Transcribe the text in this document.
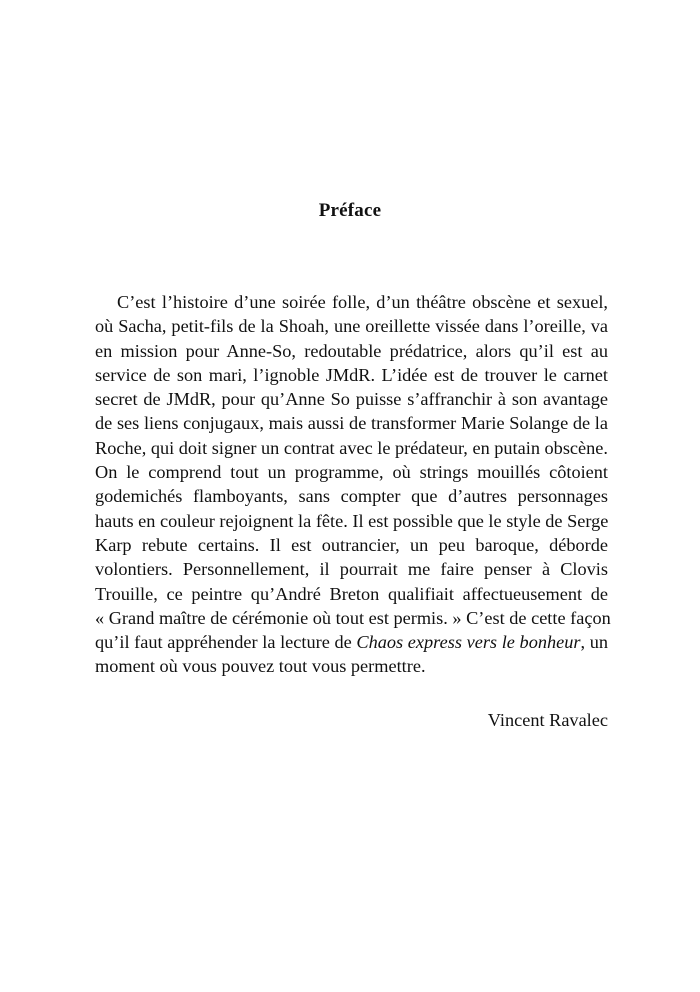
Préface
C’est l’histoire d’une soirée folle, d’un théâtre obscène et sexuel,
où Sacha, petit-fils de la Shoah, une oreillette vissée dans l’oreille, va
en mission pour Anne-So, redoutable prédatrice, alors qu’il est au
service de son mari, l’ignoble JMdR. L’idée est de trouver le carnet
secret de JMdR, pour qu’Anne So puisse s’affranchir à son avantage
de ses liens conjugaux, mais aussi de transformer Marie Solange de la
Roche, qui doit signer un contrat avec le prédateur, en putain obscène.
On le comprend tout un programme, où strings mouillés côtoient
godemichés flamboyants, sans compter que d’autres personnages
hauts en couleur rejoignent la fête. Il est possible que le style de Serge
Karp rebute certains. Il est outrancier, un peu baroque, déborde
volontiers. Personnellement, il pourrait me faire penser à Clovis
Trouille, ce peintre qu’André Breton qualifiait affectueusement de
« Grand maître de cérémonie où tout est permis. » C’est de cette façon
qu’il faut appréhender la lecture de Chaos express vers le bonheur, un
moment où vous pouvez tout vous permettre.
Vincent Ravalec
